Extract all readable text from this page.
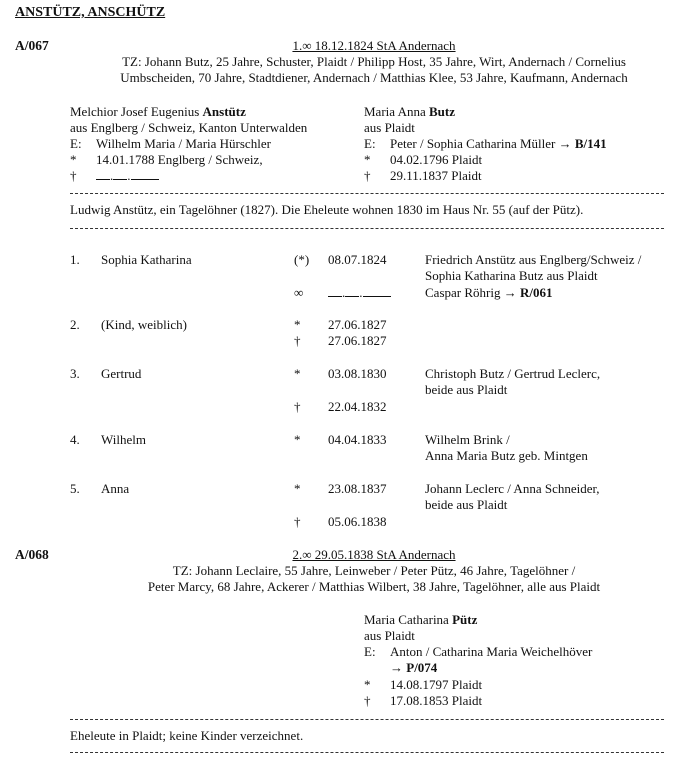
ANSTÜTZ, ANSCHÜTZ
A/067	1.∞ 18.12.1824 StA Andernach
TZ: Johann Butz, 25 Jahre, Schuster, Plaidt / Philipp Host, 35 Jahre, Wirt, Andernach / Cornelius
Umbscheiden, 70 Jahre, Stadtdiener, Andernach / Matthias Klee, 53 Jahre, Kaufmann, Andernach
Melchior Josef Eugenius Anstütz
aus Englberg / Schweiz, Kanton Unterwalden
E: Wilhelm Maria / Maria Hürschler
* 14.01.1788 Englberg / Schweiz,
†	. .
Maria Anna Butz
aus Plaidt
E: Peter / Sophia Catharina Müller → B/141
* 04.02.1796 Plaidt
† 29.11.1837 Plaidt
Ludwig Anstütz, ein Tagelöhner (1827). Die Eheleute wohnen 1830 im Haus Nr. 55 (auf der Pütz).
1. Sophia Katharina	(*) 08.07.1824	Friedrich Anstütz aus Englberg/Schweiz /
Sophia Katharina Butz aus Plaidt
∞	. .	Caspar Röhrig → R/061
2. (Kind, weiblich)	* 27.06.1827
† 27.06.1827
3. Gertrud	* 03.08.1830	Christoph Butz / Gertrud Leclerc,
beide aus Plaidt
† 22.04.1832
4. Wilhelm	* 04.04.1833	Wilhelm Brink /
Anna Maria Butz geb. Mintgen
5. Anna	* 23.08.1837	Johann Leclerc / Anna Schneider,
beide aus Plaidt
† 05.06.1838
A/068	2.∞ 29.05.1838 StA Andernach
TZ: Johann Leclaire, 55 Jahre, Leinweber / Peter Pütz, 46 Jahre, Tagelöhner /
Peter Marcy, 68 Jahre, Ackerer / Matthias Wilbert, 38 Jahre, Tagelöhner, alle aus Plaidt
Maria Catharina Pütz
aus Plaidt
E: Anton / Catharina Maria Weichelhöver
→ P/074
* 14.08.1797 Plaidt
† 17.08.1853 Plaidt
Eheleute in Plaidt; keine Kinder verzeichnet.
